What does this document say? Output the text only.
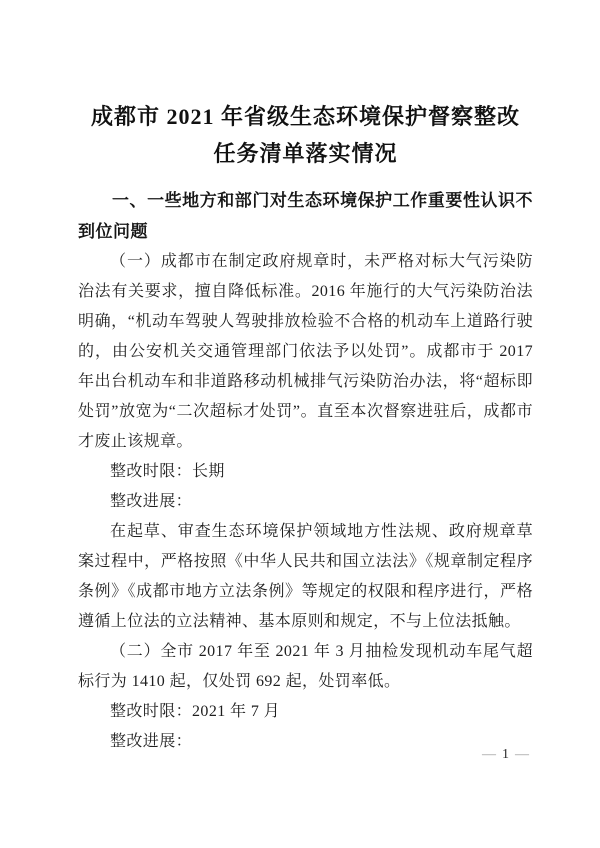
成都市 2021 年省级生态环境保护督察整改
任务清单落实情况
一、一些地方和部门对生态环境保护工作重要性认识不到位问题

（一）成都市在制定政府规章时，未严格对标大气污染防治法有关要求，擅自降低标准。2016 年施行的大气污染防治法明确，“机动车驾驶人驾驶排放检验不合格的机动车上道路行驶的，由公安机关交通管理部门依法予以处罚”。成都市于 2017 年出台机动车和非道路移动机械排气污染防治办法，将“超标即处罚”放宽为“二次超标才处罚”。直至本次督察进驻后，成都市才废止该规章。

整改时限：长期

整改进展：

在起草、审查生态环境保护领域地方性法规、政府规章草案过程中，严格按照《中华人民共和国立法法》《规章制定程序条例》《成都市地方立法条例》等规定的权限和程序进行，严格遵循上位法的立法精神、基本原则和规定，不与上位法抵触。

（二）全市 2017 年至 2021 年 3 月抽检发现机动车尾气超标行为 1410 起，仅处罚 692 起，处罚率低。

整改时限：2021 年 7 月

整改进展：

— 1 —
